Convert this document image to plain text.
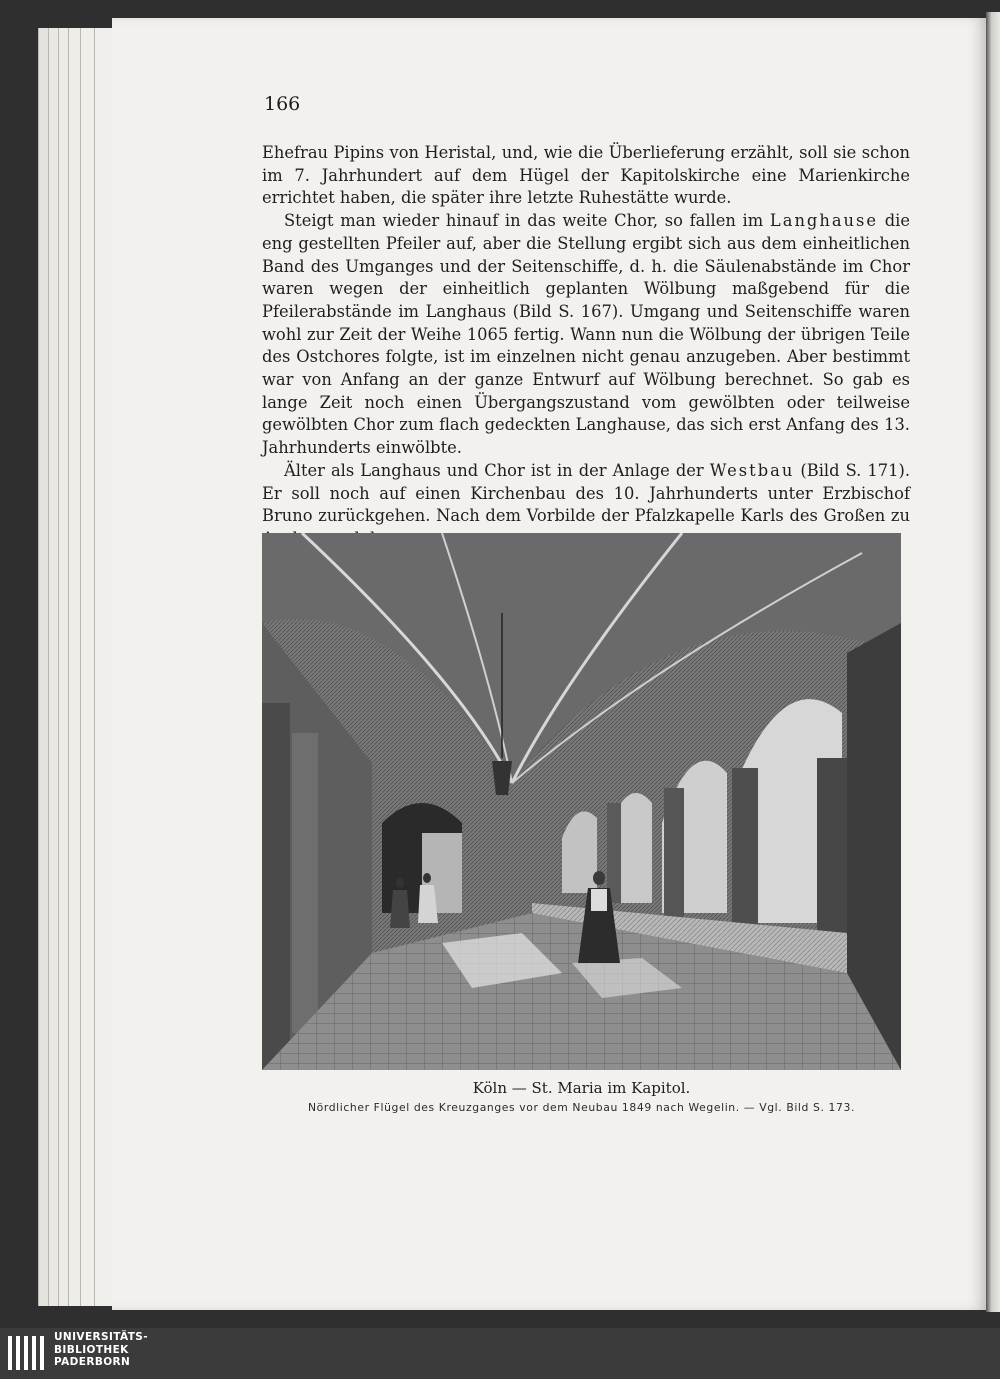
166

Ehefrau Pipins von Heristal, und, wie die Überlieferung erzählt, soll sie schon im 7. Jahrhundert auf dem Hügel der Kapitolskirche eine Marienkirche errichtet haben, die später ihre letzte Ruhestätte wurde.

Steigt man wieder hinauf in das weite Chor, so fallen im Langhause die eng gestellten Pfeiler auf, aber die Stellung ergibt sich aus dem einheitlichen Band des Umganges und der Seitenschiffe, d. h. die Säulenabstände im Chor waren wegen der einheitlich geplanten Wölbung maßgebend für die Pfeilerabstände im Langhaus (Bild S. 167). Umgang und Seitenschiffe waren wohl zur Zeit der Weihe 1065 fertig. Wann nun die Wölbung der übrigen Teile des Ostchores folgte, ist im einzelnen nicht genau anzugeben. Aber bestimmt war von Anfang an der ganze Entwurf auf Wölbung berechnet. So gab es lange Zeit noch einen Übergangszustand vom gewölbten oder teilweise gewölbten Chor zum flach gedeckten Langhause, das sich erst Anfang des 13. Jahrhunderts einwölbte.

Älter als Langhaus und Chor ist in der Anlage der Westbau (Bild S. 171). Er soll noch auf einen Kirchenbau des 10. Jahrhunderts unter Erzbischof Bruno zurückgehen. Nach dem Vorbilde der Pfalzkapelle Karls des Großen zu

Köln — St. Maria im Kapitol.
Nördlicher Flügel des Kreuzganges vor dem Neubau 1849 nach Wegelin. — Vgl. Bild S. 173.
UNIVERSITÄTS-
BIBLIOTHEK
PADERBORN
